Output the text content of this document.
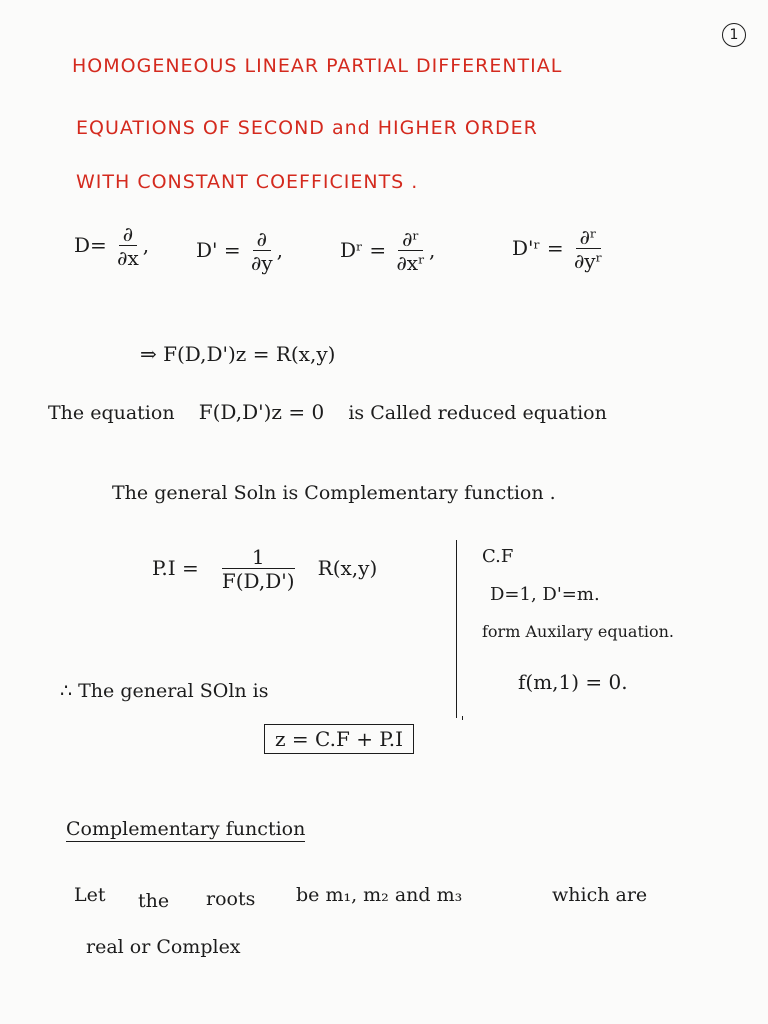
1
HOMOGENEOUS LINEAR PARTIAL DIFFERENTIAL
EQUATIONS OF SECOND and HIGHER ORDER
WITH CONSTANT COEFFICIENTS .
$D= \frac{\partial}{\partial x}$ , $D' = \frac{\partial}{\partial y}$ ,	Dʳ = $\frac{\text{∂ʳ}}{\text{∂xʳ}}$ ,	D'ʳ = $\frac{\text{∂ʳ}}{\text{∂yʳ}}$
⇒ F(D,D')z = R(x,y)
The equation F(D,D')z = 0 is Called reduced equation
The general Soln is Complementary function .
$P.I = \frac{1}{F(D,D')} R(x,y)$	C.F
D=1, D'=m.
form Auxilary equation.
f(m,1) = 0.
∴ The general SOln is
z = C.F + P.I
Complementary function
Let the roots be m₁, m₂ and m₃	which are
real or Complex
